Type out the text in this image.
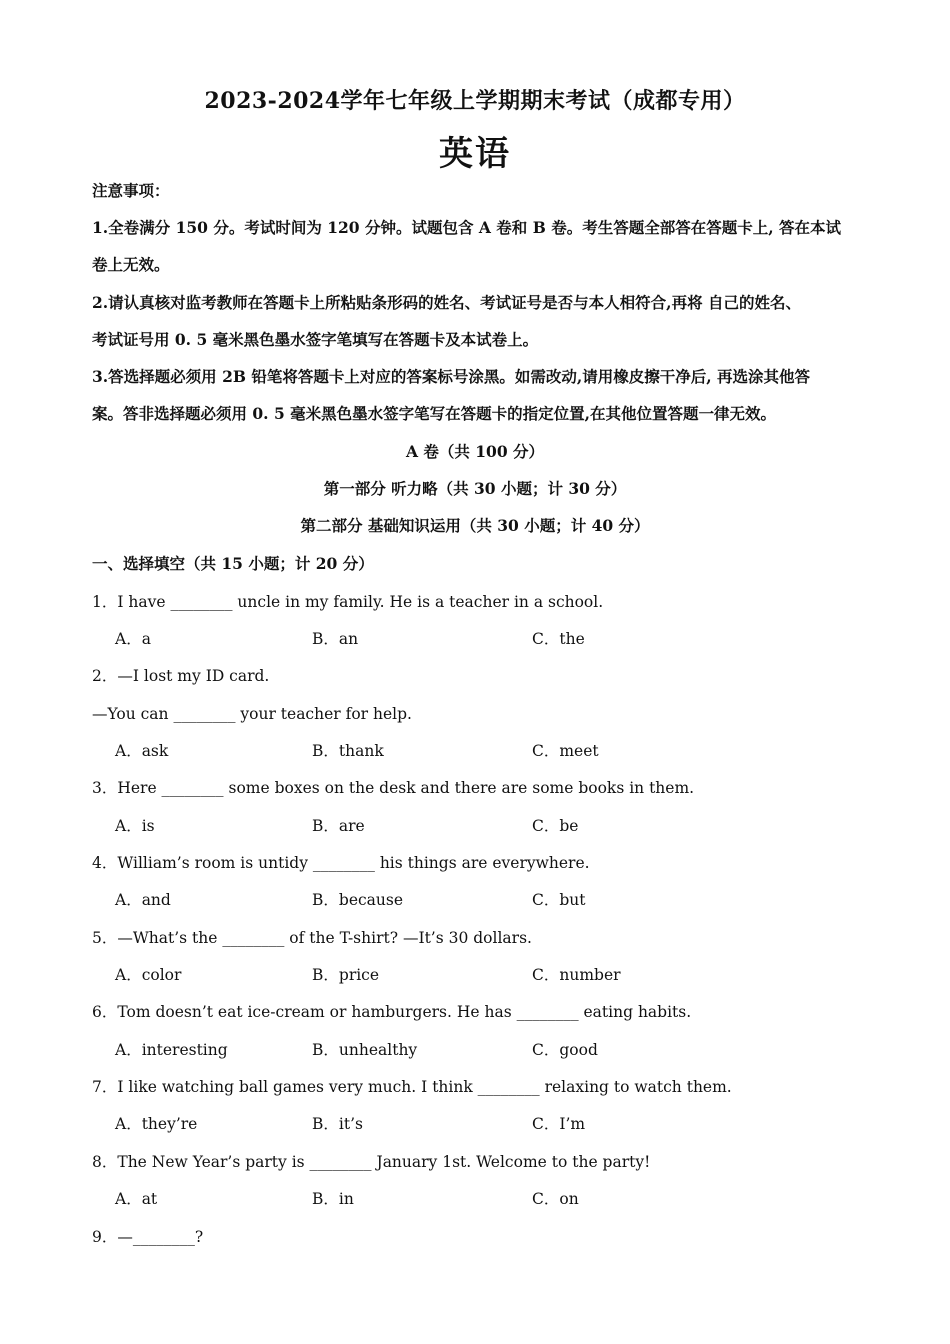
2023-2024学年七年级上学期期末考试（成都专用）
英语
注意事项：
1.全卷满分 150 分。考试时间为 120 分钟。试题包含 A 卷和 B 卷。考生答题全部答在答题卡上, 答在本试
卷上无效。
2.请认真核对监考教师在答题卡上所粘贴条形码的姓名、考试证号是否与本人相符合,再将 自己的姓名、
考试证号用 0. 5 毫米黑色墨水签字笔填写在答题卡及本试卷上。
3.答选择题必须用 2B 铅笔将答题卡上对应的答案标号涂黑。如需改动,请用橡皮擦干净后, 再选涂其他答
案。答非选择题必须用 0. 5 毫米黑色墨水签字笔写在答题卡的指定位置,在其他位置答题一律无效。
A 卷（共 100 分）
第一部分 听力略（共 30 小题；计 30 分）
第二部分 基础知识运用（共 30 小题；计 40 分）
一、选择填空（共 15 小题；计 20 分）
1．I have ________ uncle in my family. He is a teacher in a school.
A．a	B．an	C．the
2．—I lost my ID card.
—You can ________ your teacher for help.
A．ask	B．thank	C．meet
3．Here ________ some boxes on the desk and there are some books in them.
A．is	B．are	C．be
4．William’s room is untidy ________ his things are everywhere.
A．and	B．because	C．but
5．—What’s the ________ of the T-shirt? —It’s 30 dollars.
A．color	B．price	C．number
6．Tom doesn’t eat ice-cream or hamburgers. He has ________ eating habits.
A．interesting	B．unhealthy	C．good
7．I like watching ball games very much. I think ________ relaxing to watch them.
A．they’re	B．it’s	C．I’m
8．The New Year’s party is ________ January 1st. Welcome to the party!
A．at	B．in	C．on
9．—________?
